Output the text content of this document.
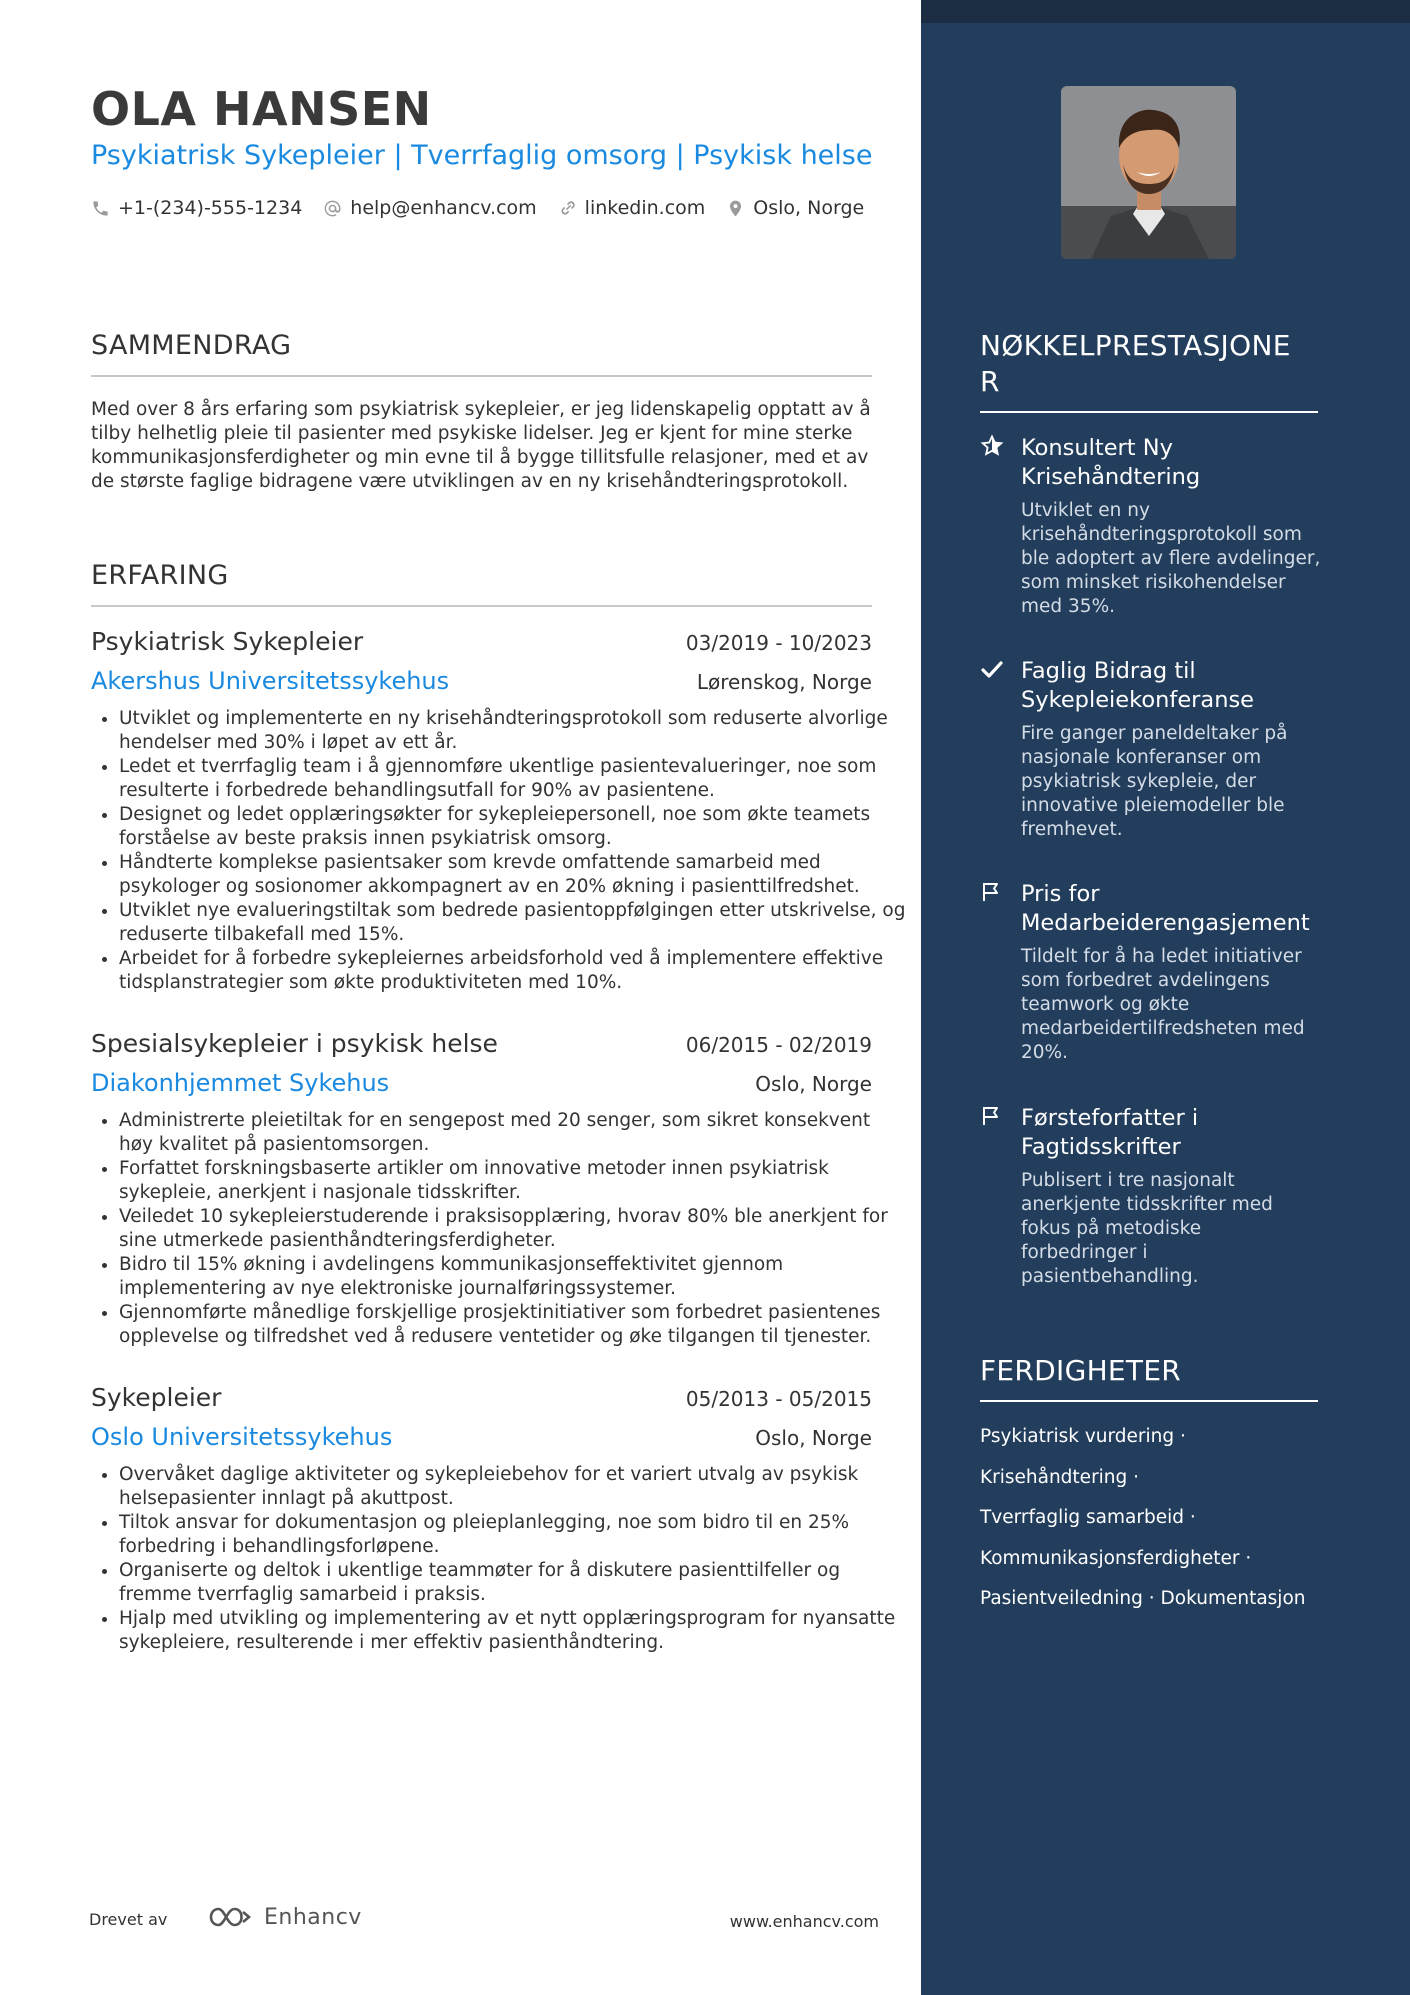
OLA HANSEN
Psykiatrisk Sykepleier | Tverrfaglig omsorg | Psykisk helse
+1-(234)-555-1234	help@enhancv.com	linkedin.com	Oslo, Norge
SAMMENDRAG

Med over 8 års erfaring som psykiatrisk sykepleier, er jeg lidenskapelig opptatt av å tilby helhetlig pleie til pasienter med psykiske lidelser. Jeg er kjent for mine sterke kommunikasjonsferdigheter og min evne til å bygge tillitsfulle relasjoner, med et av de største faglige bidragene være utviklingen av en ny krisehåndteringsprotokoll.

ERFARING
Psykiatrisk Sykepleier	03/2019 - 10/2023
Akershus Universitetssykehus	Lørenskog, Norge
• Utviklet og implementerte en ny krisehåndteringsprotokoll som reduserte alvorlige hendelser med 30% i løpet av ett år.
• Ledet et tverrfaglig team i å gjennomføre ukentlige pasientevalueringer, noe som resulterte i forbedrede behandlingsutfall for 90% av pasientene.
• Designet og ledet opplæringsøkter for sykepleiepersonell, noe som økte teamets forståelse av beste praksis innen psykiatrisk omsorg.
• Håndterte komplekse pasientsaker som krevde omfattende samarbeid med psykologer og sosionomer akkompagnert av en 20% økning i pasienttilfredshet.
• Utviklet nye evalueringstiltak som bedrede pasientoppfølgingen etter utskrivelse, og reduserte tilbakefall med 15%.
• Arbeidet for å forbedre sykepleiernes arbeidsforhold ved å implementere effektive tidsplanstrategier som økte produktiviteten med 10%.
Spesialsykepleier i psykisk helse	06/2015 - 02/2019
Diakonhjemmet Sykehus	Oslo, Norge
• Administrerte pleietiltak for en sengepost med 20 senger, som sikret konsekvent høy kvalitet på pasientomsorgen.
• Forfattet forskningsbaserte artikler om innovative metoder innen psykiatrisk sykepleie, anerkjent i nasjonale tidsskrifter.
• Veiledet 10 sykepleierstuderende i praksisopplæring, hvorav 80% ble anerkjent for sine utmerkede pasienthåndteringsferdigheter.
• Bidro til 15% økning i avdelingens kommunikasjonseffektivitet gjennom implementering av nye elektroniske journalføringssystemer.
• Gjennomførte månedlige forskjellige prosjektinitiativer som forbedret pasientenes opplevelse og tilfredshet ved å redusere ventetider og øke tilgangen til tjenester.
Sykepleier	05/2013 - 05/2015
Oslo Universitetssykehus	Oslo, Norge
• Overvåket daglige aktiviteter og sykepleiebehov for et variert utvalg av psykisk helsepasienter innlagt på akuttpost.
• Tiltok ansvar for dokumentasjon og pleieplanlegging, noe som bidro til en 25% forbedring i behandlingsforløpene.
• Organiserte og deltok i ukentlige teammøter for å diskutere pasienttilfeller og fremme tverrfaglig samarbeid i praksis.
• Hjalp med utvikling og implementering av et nytt opplæringsprogram for nyansatte sykepleiere, resulterende i mer effektiv pasienthåndtering.
Drevet av	Enhancv	www.enhancv.com
NØKKELPRESTASJONE
R
Konsultert Ny Krisehåndtering

Utviklet en ny krisehåndteringsprotokoll som ble adoptert av flere avdelinger, som minsket risikohendelser med 35%.

Faglig Bidrag til Sykepleiekonferanse

Fire ganger paneldeltaker på nasjonale konferanser om psykiatrisk sykepleie, der innovative pleiemodeller ble fremhevet.

Pris for Medarbeiderengasjement

Tildelt for å ha ledet initiativer som forbedret avdelingens teamwork og økte medarbeidertilfredsheten med 20%.

Førsteforfatter i Fagtidsskrifter

Publisert i tre nasjonalt anerkjente tidsskrifter med fokus på metodiske forbedringer i pasientbehandling.

FERDIGHETER
Psykiatrisk vurdering ·
Krisehåndtering ·
Tverrfaglig samarbeid ·
Kommunikasjonsferdigheter ·
Pasientveiledning · Dokumentasjon
